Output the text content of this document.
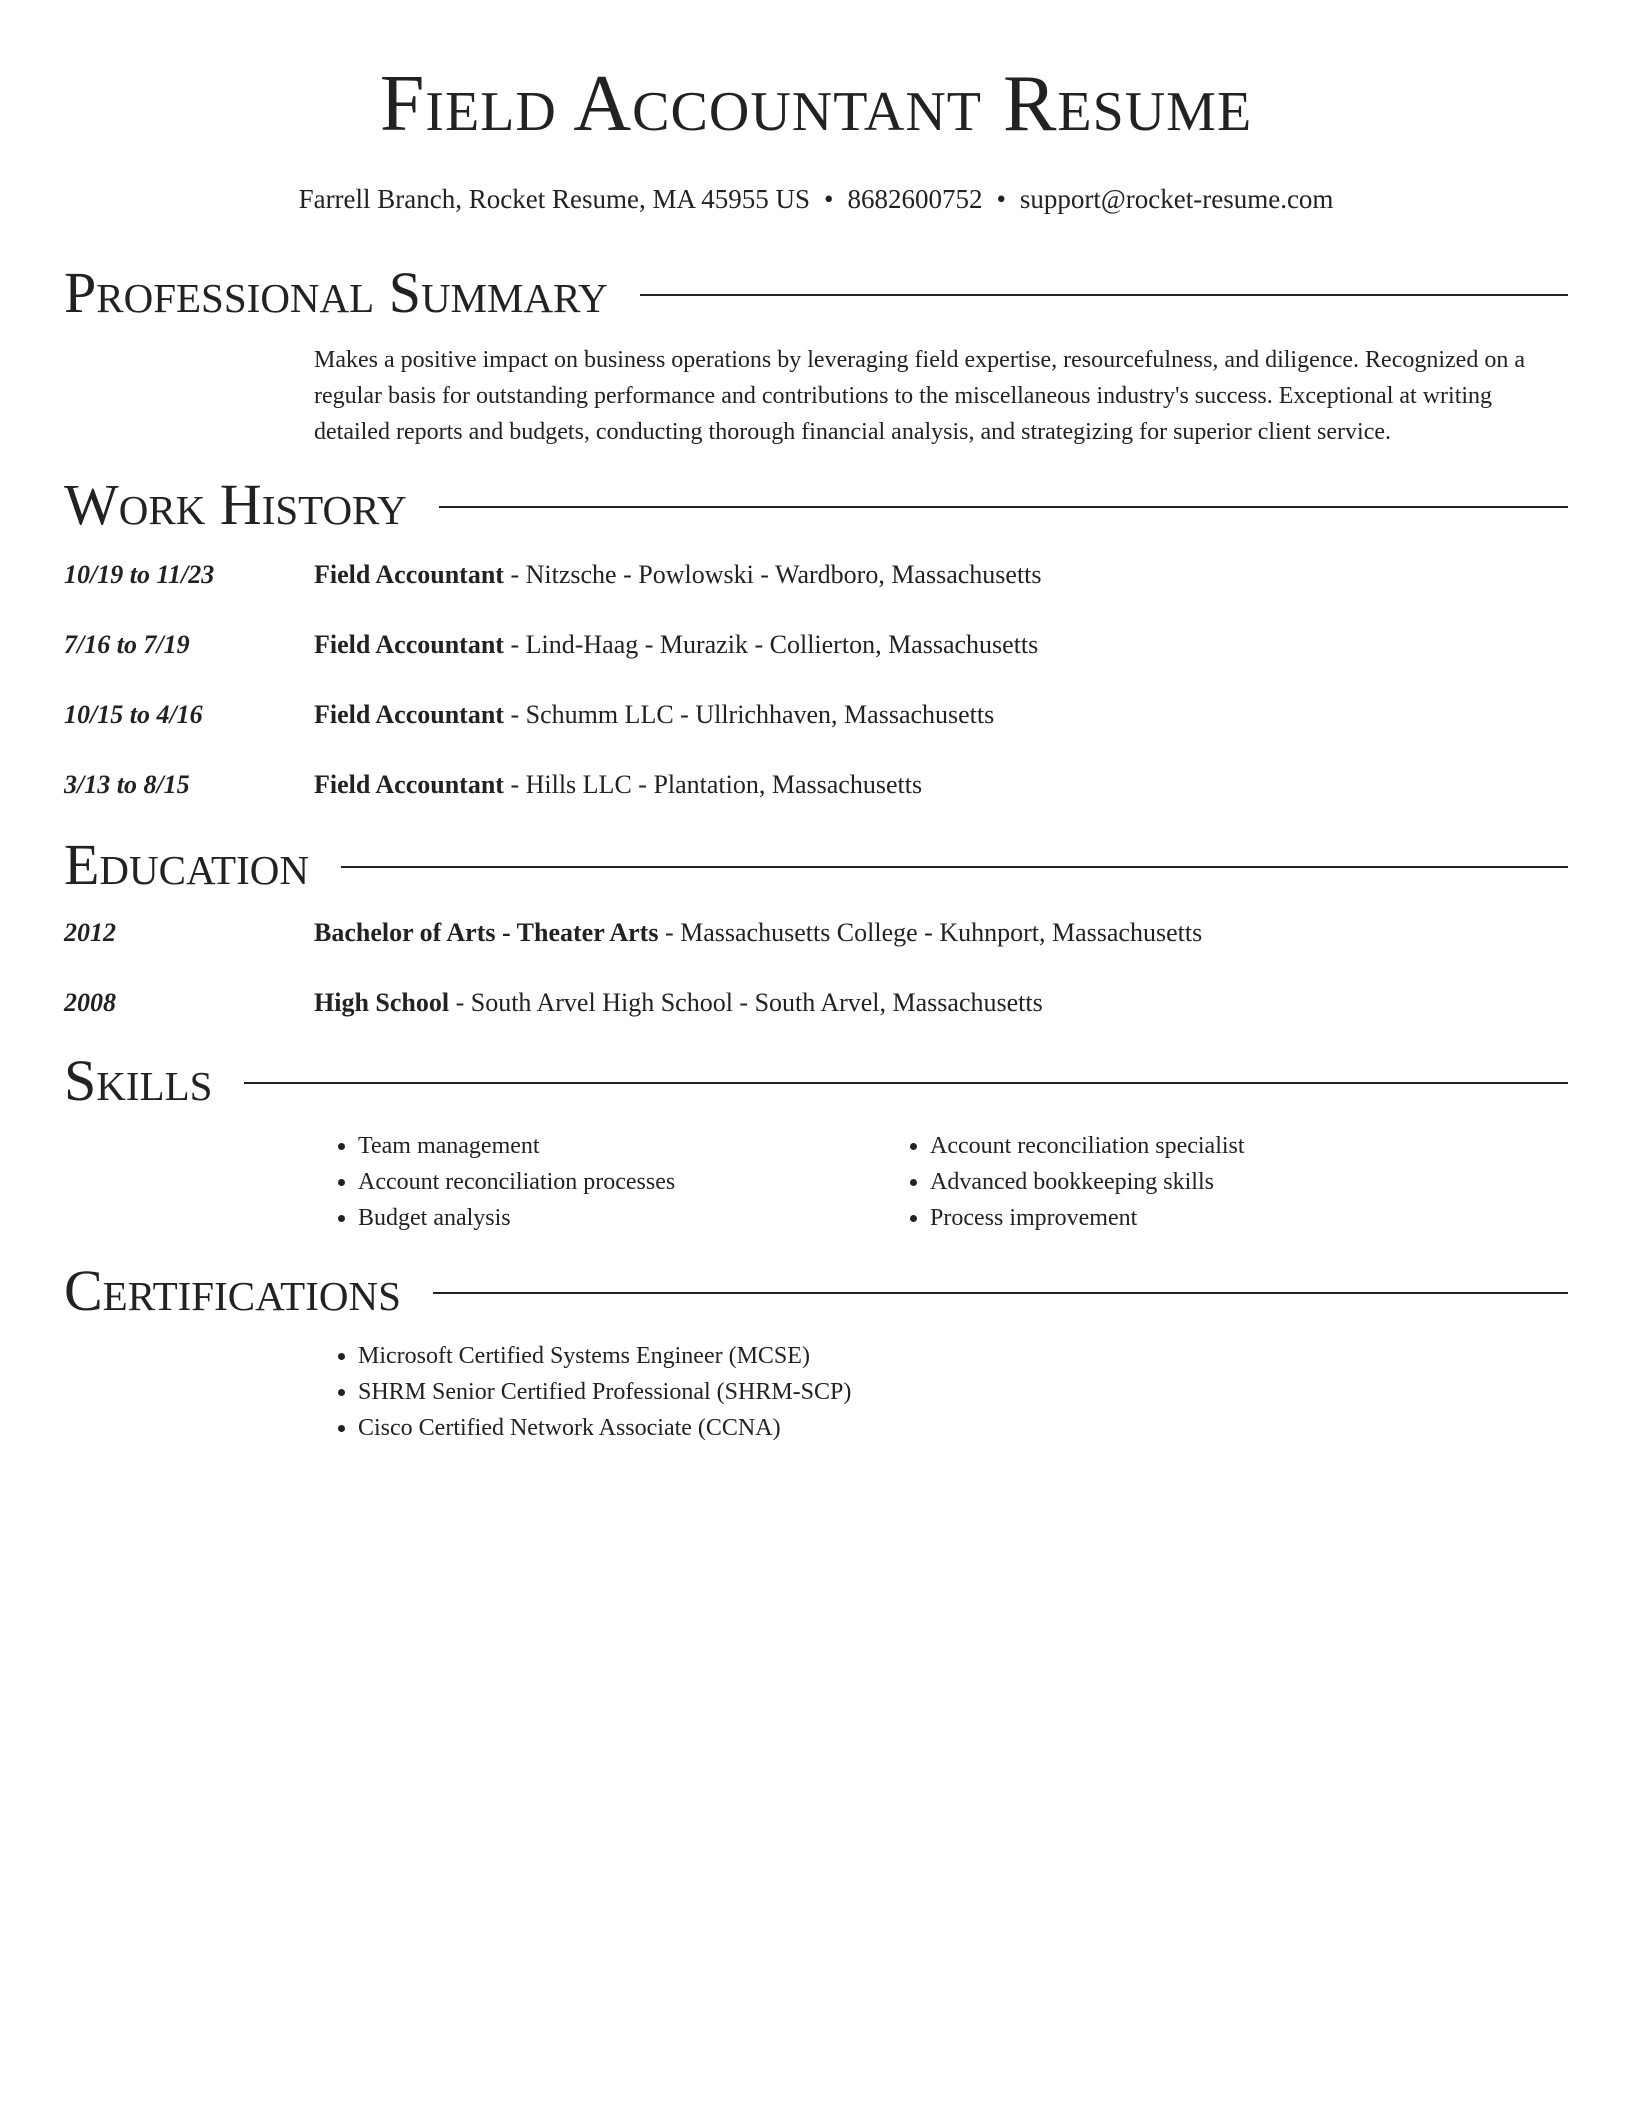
Field Accountant Resume
Farrell Branch, Rocket Resume, MA 45955 US • 8682600752 • support@rocket-resume.com
Professional Summary
Makes a positive impact on business operations by leveraging field expertise, resourcefulness, and diligence. Recognized on a regular basis for outstanding performance and contributions to the miscellaneous industry's success. Exceptional at writing detailed reports and budgets, conducting thorough financial analysis, and strategizing for superior client service.
Work History
10/19 to 11/23	Field Accountant - Nitzsche - Powlowski - Wardboro, Massachusetts
7/16 to 7/19	Field Accountant - Lind-Haag - Murazik - Collierton, Massachusetts
10/15 to 4/16	Field Accountant - Schumm LLC - Ullrichhaven, Massachusetts
3/13 to 8/15	Field Accountant - Hills LLC - Plantation, Massachusetts
Education
2012	Bachelor of Arts - Theater Arts - Massachusetts College - Kuhnport, Massachusetts
2008	High School - South Arvel High School - South Arvel, Massachusetts
Skills
• Team management
• Account reconciliation processes
• Budget analysis
• Account reconciliation specialist
• Advanced bookkeeping skills
• Process improvement
Certifications
• Microsoft Certified Systems Engineer (MCSE)
• SHRM Senior Certified Professional (SHRM-SCP)
• Cisco Certified Network Associate (CCNA)
